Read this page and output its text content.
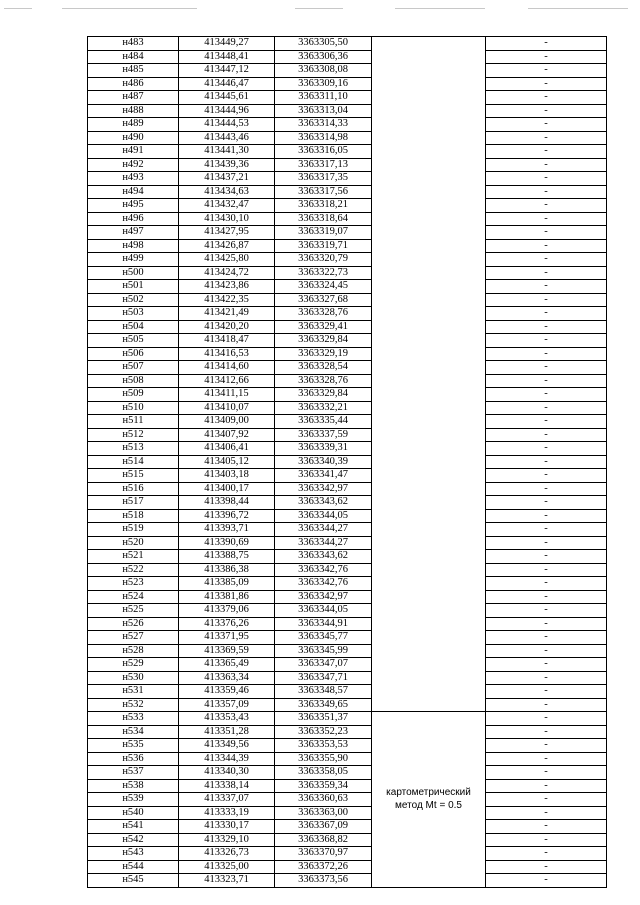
н483	413449,27	3363305,50		-
н484	413448,41	3363306,36		-
н485	413447,12	3363308,08		-
н486	413446,47	3363309,16		-
н487	413445,61	3363311,10		-
н488	413444,96	3363313,04		-
н489	413444,53	3363314,33		-
н490	413443,46	3363314,98		-
н491	413441,30	3363316,05		-
н492	413439,36	3363317,13		-
н493	413437,21	3363317,35		-
н494	413434,63	3363317,56		-
н495	413432,47	3363318,21		-
н496	413430,10	3363318,64		-
н497	413427,95	3363319,07		-
н498	413426,87	3363319,71		-
н499	413425,80	3363320,79		-
н500	413424,72	3363322,73		-
н501	413423,86	3363324,45		-
н502	413422,35	3363327,68		-
н503	413421,49	3363328,76		-
н504	413420,20	3363329,41		-
н505	413418,47	3363329,84		-
н506	413416,53	3363329,19		-
н507	413414,60	3363328,54		-
н508	413412,66	3363328,76		-
н509	413411,15	3363329,84		-
н510	413410,07	3363332,21		-
н511	413409,00	3363335,44		-
н512	413407,92	3363337,59		-
н513	413406,41	3363339,31		-
н514	413405,12	3363340,39		-
н515	413403,18	3363341,47		-
н516	413400,17	3363342,97		-
н517	413398,44	3363343,62		-
н518	413396,72	3363344,05		-
н519	413393,71	3363344,27		-
н520	413390,69	3363344,27		-
н521	413388,75	3363343,62		-
н522	413386,38	3363342,76		-
н523	413385,09	3363342,76		-
н524	413381,86	3363342,97		-
н525	413379,06	3363344,05		-
н526	413376,26	3363344,91		-
н527	413371,95	3363345,77		-
н528	413369,59	3363345,99		-
н529	413365,49	3363347,07		-
н530	413363,34	3363347,71		-
н531	413359,46	3363348,57		-
н532	413357,09	3363349,65		-
н533	413353,43	3363351,37	картометрический
метод Mt = 0.5	-
н534	413351,28	3363352,23		-
н535	413349,56	3363353,53		-
н536	413344,39	3363355,90		-
н537	413340,30	3363358,05		-
н538	413338,14	3363359,34		-
н539	413337,07	3363360,63		-
н540	413333,19	3363363,00		-
н541	413330,17	3363367,09		-
н542	413329,10	3363368,82		-
н543	413326,73	3363370,97		-
н544	413325,00	3363372,26		-
н545	413323,71	3363373,56		-
